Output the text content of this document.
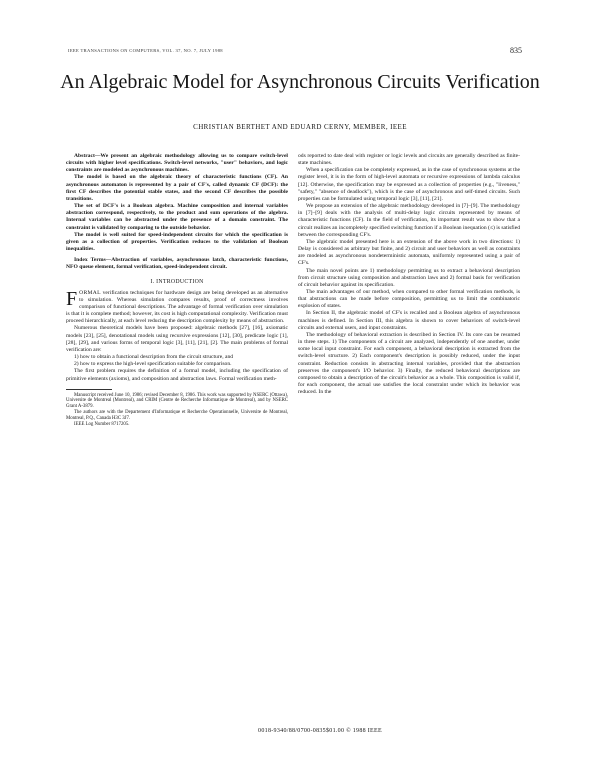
IEEE TRANSACTIONS ON COMPUTERS, VOL. 37, NO. 7, JULY 1988	835
An Algebraic Model for Asynchronous Circuits Verification
CHRISTIAN BERTHET AND EDUARD CERNY, MEMBER, IEEE

Abstract—We present an algebraic methodology allowing us to compare switch-level circuits with higher level specifications. Switch-level networks, "user" behaviors, and logic constraints are modeled as asynchronous machines.

The model is based on the algebraic theory of characteristic functions (CF). An asynchronous automaton is represented by a pair of CF's, called dynamic CF (DCF): the first CF describes the potential stable states, and the second CF describes the possible transitions.

The set of DCF's is a Boolean algebra. Machine composition and internal variables abstraction correspond, respectively, to the product and sum operations of the algebra. Internal variables can be abstracted under the presence of a domain constraint. The constraint is validated by comparing to the outside behavior.

The model is well suited for speed-independent circuits for which the specification is given as a collection of properties. Verification reduces to the validation of Boolean inequalities.

Index Terms—Abstraction of variables, asynchronous latch, characteristic functions, NFO queue element, formal verification, speed-independent circuit.

I. INTRODUCTION

FORMAL verification techniques for hardware design are being developed as an alternative to simulation. Whereas simulation compares results, proof of correctness involves comparison of functional descriptions. The advantage of formal verification over simulation is that it is complete method; however, its cost is high computational complexity. Verification must proceed hierarchically, at each level reducing the description complexity by means of abstraction.

Numerous theoretical models have been proposed: algebraic methods [27], [16], axiomatic models [23], [25], denotational models using recursive expressions [12], [30], predicate logic [1], [28], [29], and various forms of temporal logic [3], [11], [21], [2]. The main problems of formal verification are:

1) how to obtain a functional description from the circuit structure, and

2) how to express the high-level specification suitable for comparison.

The first problem requires the definition of a formal model, including the specification of primitive elements (axioms), and composition and abstraction laws. Formal verification meth-

Manuscript received June 10, 1986; revised December 8, 1986. This work was supported by NSERC (Ottawa), Universite de Montreal (Montreal), and CRIM (Centre de Recherche Informatique de Montreal), and by NSERC Grant A-3879.

The authors are with the Departement d'Informatique et Recherche Operationnelle, Universite de Montreal, Montreal, P.Q., Canada H3C 3J7.

IEEE Log Number 8717205.

ods reported to date deal with register or logic levels and circuits are generally described as finite-state machines.

When a specification can be completely expressed, as in the case of synchronous systems at the register level, it is in the form of high-level automata or recursive expressions of lambda calculus [12]. Otherwise, the specification may be expressed as a collection of properties (e.g., "liveness," "safety," "absence of deadlock"), which is the case of asynchronous and self-timed circuits. Such properties can be formulated using temporal logic [3], [11], [21].

We propose an extension of the algebraic methodology developed in [7]–[9]. The methodology in [7]–[9] deals with the analysis of multi-delay logic circuits represented by means of characteristic functions (CF). In the field of verification, its important result was to show that a circuit realizes an incompletely specified switching function if a Boolean inequation (≤) is satisfied between the corresponding CF's.

The algebraic model presented here is an extension of the above work in two directions: 1) Delay is considered as arbitrary but finite, and 2) circuit and user behaviors as well as constraints are modeled as asynchronous nondeterministic automata, uniformly represented using a pair of CF's.

The main novel points are 1) methodology permitting us to extract a behavioral description from circuit structure using composition and abstraction laws and 2) formal basis for verification of circuit behavior against its specification.

The main advantages of our method, when compared to other formal verification methods, is that abstractions can be made before composition, permitting us to limit the combinatoric explosion of states.

In Section II, the algebraic model of CF's is recalled and a Boolean algebra of asynchronous machines is defined. In Section III, this algebra is shown to cover behaviors of switch-level circuits and external users, and input constraints.

The methodology of behavioral extraction is described in Section IV. Its core can be resumed in three steps. 1) The components of a circuit are analyzed, independently of one another, under some local input constraint. For each component, a behavioral description is extracted from the switch-level structure. 2) Each component's description is possibly reduced, under the input constraint. Reduction consists in abstracting internal variables, provided that the abstraction preserves the component's I/O behavior. 3) Finally, the reduced behavioral descriptions are composed to obtain a description of the circuit's behavior as a whole. This composition is valid if, for each component, the actual use satisfies the local constraint under which its behavior was reduced. In the

0018-9340/88/0700-0835$01.00 © 1988 IEEE
